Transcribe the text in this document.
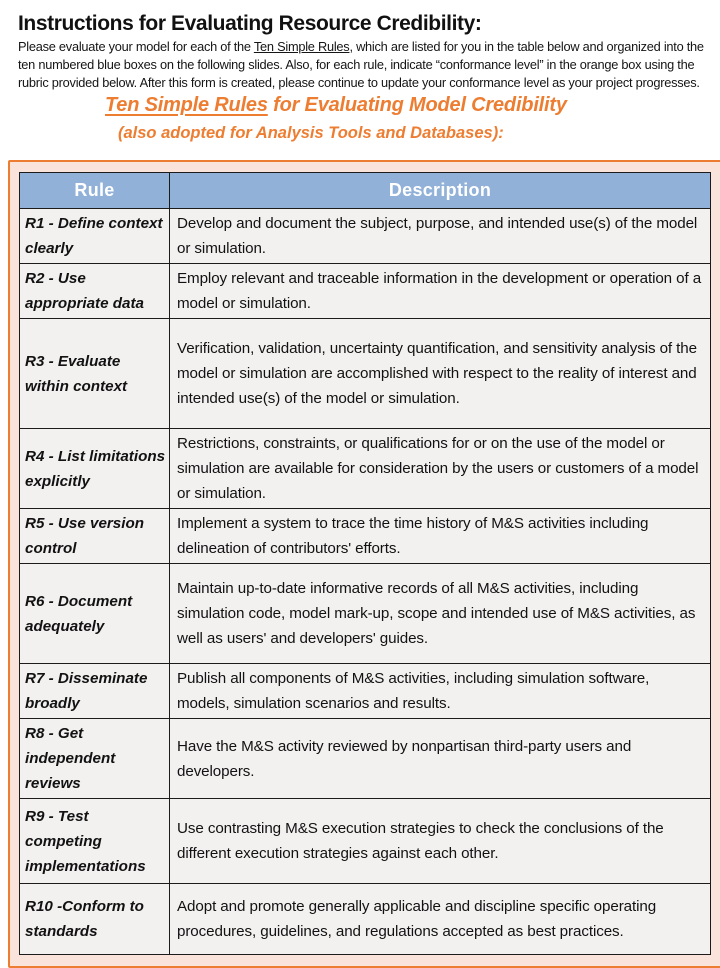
Instructions for Evaluating Resource Credibility:
Please evaluate your model for each of the Ten Simple Rules, which are listed for you in the table below and organized into the ten numbered blue boxes on the following slides. Also, for each rule, indicate “conformance level” in the orange box using the rubric provided below. After this form is created, please continue to update your conformance level as your project progresses.
Ten Simple Rules for Evaluating Model Credibility
(also adopted for Analysis Tools and Databases):
Rule	Description
R1 - Define context clearly	Develop and document the subject, purpose, and intended use(s) of the model or simulation.
R2 - Use appropriate data	Employ relevant and traceable information in the development or operation of a model or simulation.
R3 - Evaluate within context	Verification, validation, uncertainty quantification, and sensitivity analysis of the model or simulation are accomplished with respect to the reality of interest and intended use(s) of the model or simulation.
R4 - List limitations explicitly	Restrictions, constraints, or qualifications for or on the use of the model or simulation are available for consideration by the users or customers of a model or simulation.
R5 - Use version control	Implement a system to trace the time history of M&S activities including delineation of contributors' efforts.
R6 - Document adequately	Maintain up-to-date informative records of all M&S activities, including simulation code, model mark-up, scope and intended use of M&S activities, as well as users' and developers' guides.
R7 - Disseminate broadly	Publish all components of M&S activities, including simulation software, models, simulation scenarios and results.
R8 - Get independent reviews	Have the M&S activity reviewed by nonpartisan third-party users and developers.
R9 - Test competing implementations	Use contrasting M&S execution strategies to check the conclusions of the different execution strategies against each other.
R10 -Conform to standards	Adopt and promote generally applicable and discipline specific operating procedures, guidelines, and regulations accepted as best practices.
